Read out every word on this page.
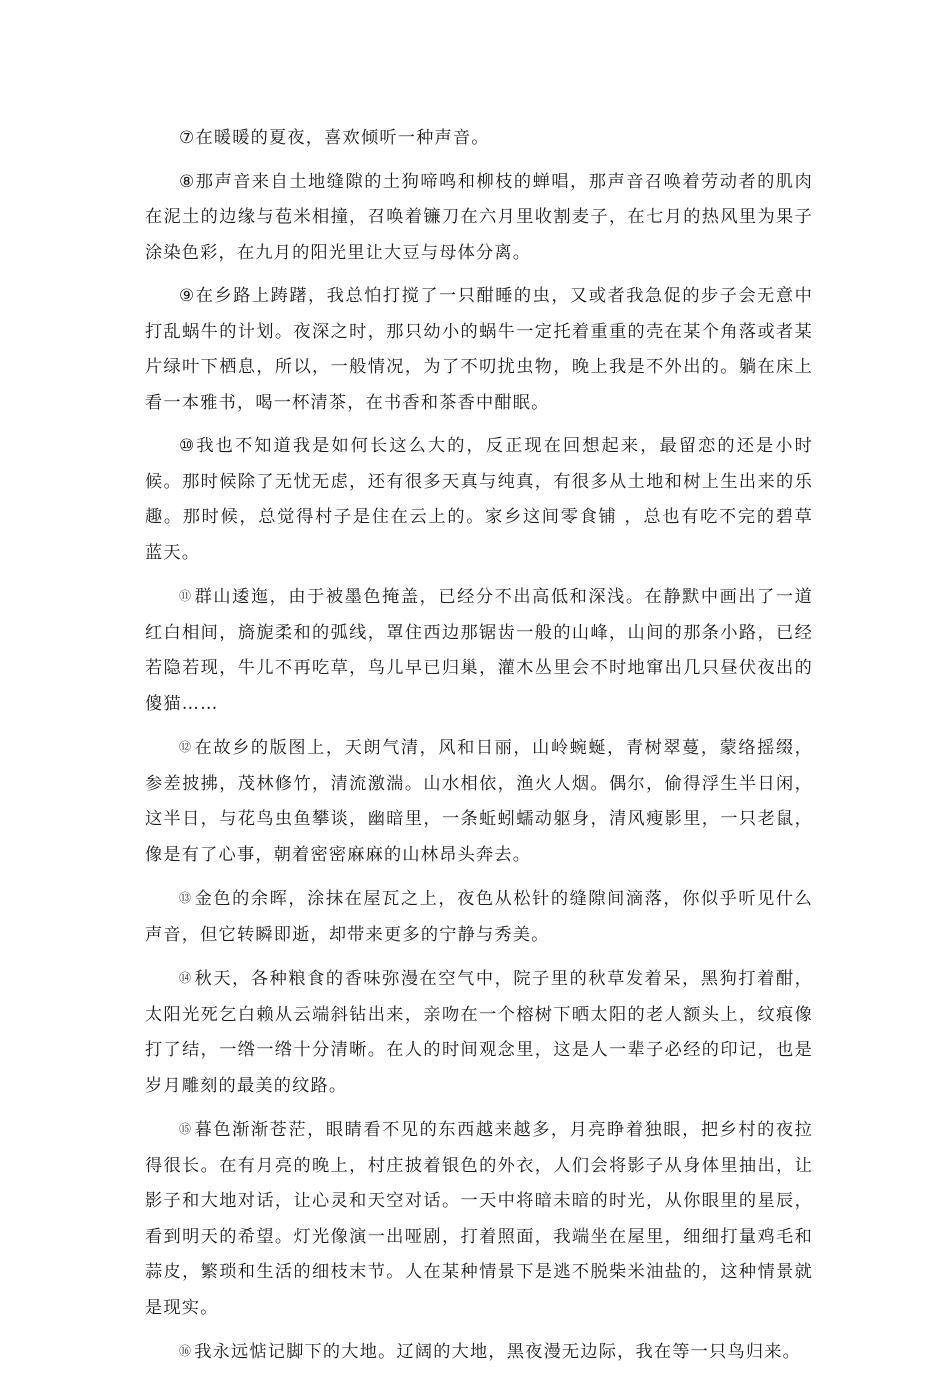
⑦在暖暖的夏夜，喜欢倾听一种声音。

⑧那声音来自土地缝隙的土狗啼鸣和柳枝的蝉唱，那声音召唤着劳动者的肌肉在泥土的边缘与苞米相撞，召唤着镰刀在六月里收割麦子，在七月的热风里为果子涂染色彩，在九月的阳光里让大豆与母体分离。

⑨在乡路上踌躇，我总怕打搅了一只酣睡的虫，又或者我急促的步子会无意中打乱蜗牛的计划。夜深之时，那只幼小的蜗牛一定托着重重的壳在某个角落或者某片绿叶下栖息，所以，一般情况，为了不叨扰虫物，晚上我是不外出的。躺在床上看一本雅书，喝一杯清茶，在书香和茶香中酣眠。

⑩我也不知道我是如何长这么大的，反正现在回想起来，最留恋的还是小时候。那时候除了无忧无虑，还有很多天真与纯真，有很多从土地和树上生出来的乐趣。那时候，总觉得村子是住在云上的。家乡这间零食铺 ，总也有吃不完的碧草蓝天。

⑪ 群山逶迤，由于被墨色掩盖，已经分不出高低和深浅。在静默中画出了一道红白相间，旖旎柔和的弧线，罩住西边那锯齿一般的山峰，山间的那条小路，已经若隐若现，牛儿不再吃草，鸟儿早已归巢，灌木丛里会不时地窜出几只昼伏夜出的傻猫……

⑫ 在故乡的版图上，天朗气清，风和日丽，山岭蜿蜒，青树翠蔓，蒙络摇缀，参差披拂，茂林修竹，清流激湍。山水相依，渔火人烟。偶尔，偷得浮生半日闲，这半日，与花鸟虫鱼攀谈，幽暗里，一条蚯蚓蠕动躯身，清风瘦影里，一只老鼠，像是有了心事，朝着密密麻麻的山林昂头奔去。

⑬ 金色的余晖，涂抹在屋瓦之上，夜色从松针的缝隙间滴落，你似乎听见什么声音，但它转瞬即逝，却带来更多的宁静与秀美。

⑭ 秋天，各种粮食的香味弥漫在空气中，院子里的秋草发着呆，黑狗打着酣，太阳光死乞白赖从云端斜钻出来，亲吻在一个榕树下晒太阳的老人额头上，纹痕像打了结，一绺一绺十分清晰。在人的时间观念里，这是人一辈子必经的印记，也是岁月雕刻的最美的纹路。

⑮ 暮色渐渐苍茫，眼睛看不见的东西越来越多，月亮睁着独眼，把乡村的夜拉得很长。在有月亮的晚上，村庄披着银色的外衣，人们会将影子从身体里抽出，让影子和大地对话，让心灵和天空对话。一天中将暗未暗的时光，从你眼里的星辰，看到明天的希望。灯光像演一出哑剧，打着照面，我端坐在屋里，细细打量鸡毛和蒜皮，繁琐和生活的细枝末节。人在某种情景下是逃不脱柴米油盐的，这种情景就是现实。

⑯ 我永远惦记脚下的大地。辽阔的大地，黑夜漫无边际，我在等一只鸟归来。
